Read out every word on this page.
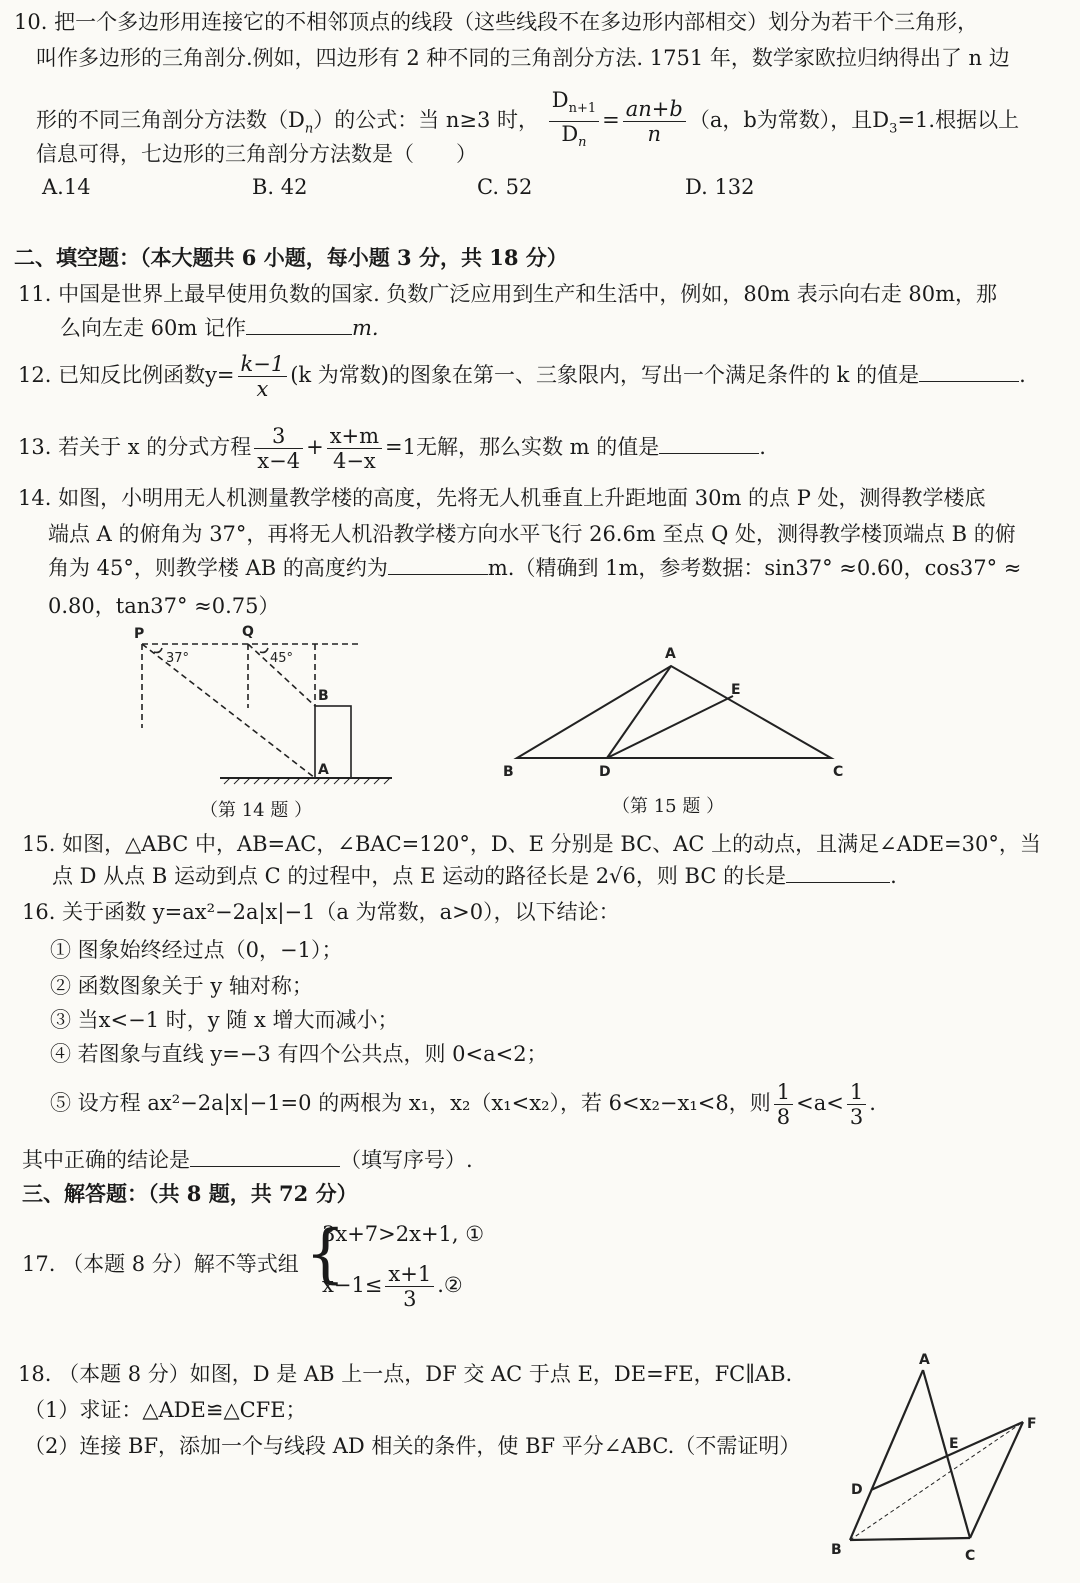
10. 把一个多边形用连接它的不相邻顶点的线段（这些线段不在多边形内部相交）划分为若干个三角形，
叫作多边形的三角剖分.例如，四边形有 2 种不同的三角剖分方法. 1751 年，数学家欧拉归纳得出了 n 边
形的不同三角剖分方法数$(D_n)$的公式：当 n≥3 时， $\frac{D_{n+1}}{D_n} = \frac{an+b}{n} (a$，b为常数），且$D_3=1$.根据以上
信息可得，七边形的三角剖分方法数是（　　）
A.14	B. 42	C. 52	D. 132
二、填空题：（本大题共 6 小题，每小题 3 分，共 18 分）
11. 中国是世界上最早使用负数的国家. 负数广泛应用到生产和生活中，例如，80m 表示向右走 80m，那
么向左走 60m 记作	m.
12. 已知反比例函数$y= \frac{k-1}{x} (k$ 为常数)的图象在第一、三象限内，写出一个满足条件的 k 的值是	.
13. 若关于 x 的分式方程 $\frac{3}{x-4} + \frac{x+m}{4-x} =1$无解，那么实数 m 的值是	.
14. 如图，小明用无人机测量教学楼的高度，先将无人机垂直上升距地面 30m 的点 P 处，测得教学楼底
端点 A 的俯角为 37°，再将无人机沿教学楼方向水平飞行 26.6m 至点 Q 处，测得教学楼顶端点 B 的俯
角为 45°，则教学楼 AB 的高度约为	m.（精确到 1m，参考数据：sin37° ≈0.60，cos37° ≈
0.80，tan37° ≈0.75）
P	Q
B
A
37°	45°
（第 14 题 ）
A
B	C
D
E
（第 15 题 ）
15. 如图，△ABC 中，AB=AC，∠BAC=120°，D、E 分别是 BC、AC 上的动点，且满足∠ADE=30°，当
点 D 从点 B 运动到点 C 的过程中，点 E 运动的路径长是 2√6，则 BC 的长是	.
16. 关于函数 y=ax²−2a|x|−1（a 为常数，a>0），以下结论：
① 图象始终经过点（0，−1）；
② 函数图象关于 y 轴对称；
③ 当x<−1 时，y 随 x 增大而减小；
④ 若图象与直线 y=−3 有四个公共点，则 0<a<2；
⑤ 设方程 ax²−2a|x|−1=0 的两根为 x₁，x₂（x₁<x₂），若 6<x₂−x₁<8，则 $\frac{1}{8} <a< \frac{1}{3}$ .
其中正确的结论是	（填写序号）.
三、解答题：（共 8 题，共 72 分）
17. （本题 8 分）解不等式组 {
3x+7>2x+1, ①
$x-1\le \frac{x+1}{3}$ .②
18. （本题 8 分）如图，D 是 AB 上一点，DF 交 AC 于点 E，DE=FE，FC∥AB.
（1）求证：△ADE≌△CFE；
（2）连接 BF，添加一个与线段 AD 相关的条件，使 BF 平分∠ABC.（不需证明）
A
B	C
D
E
F
